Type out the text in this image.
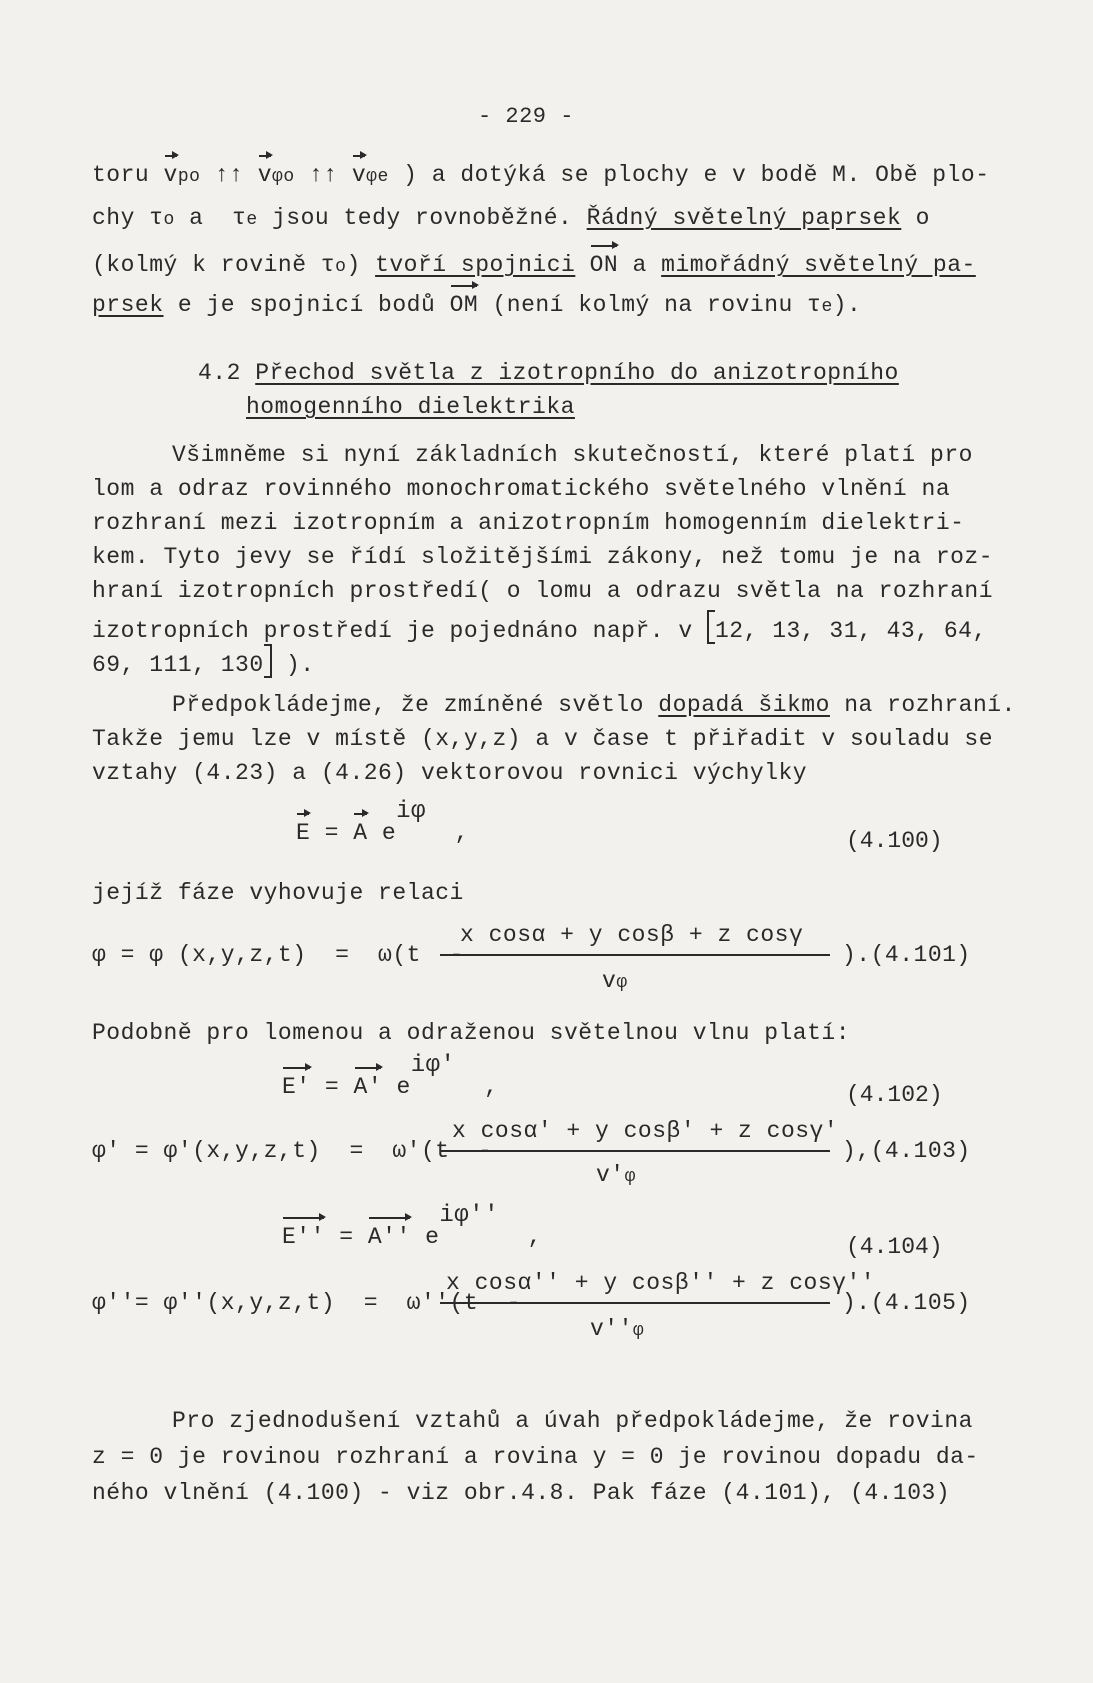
- 229 -
toru vpo ↑↑ vφo ↑↑ vφe ) a dotýká se plochy e v bodě M. Obě plo-
chy τo a  τe jsou tedy rovnoběžné. Řádný světelný paprsek o
(kolmý k rovině τo) tvoří spojnici ON a mimořádný světelný pa-
prsek e je spojnicí bodů OM (není kolmý na rovinu τe).
4.2 Přechod světla z izotropního do anizotropního
homogenního dielektrika
Všimněme si nyní základních skutečností, které platí pro
lom a odraz rovinného monochromatického světelného vlnění na
rozhraní mezi izotropním a anizotropním homogenním dielektri-
kem. Tyto jevy se řídí složitějšími zákony, než tomu je na roz-
hraní izotropních prostředí( o lomu a odrazu světla na rozhraní
izotropních prostředí je pojednáno např. v 12, 13, 31, 43, 64,
69, 111, 130 ).
Předpokládejme, že zmíněné světlo dopadá šikmo na rozhraní.
Takže jemu lze v místě (x,y,z) a v čase t přiřadit v souladu se
vztahy (4.23) a (4.26) vektorovou rovnici výchylky
E = A eiφ  ,	(4.100)
jejíž fáze vyhovuje relaci
x cosα + y cosβ + z cosγ
φ = φ (x,y,z,t)  =  ω(t  -	).(4.101)
vφ
Podobně pro lomenou a odraženou světelnou vlnu platí:
E' = A' eiφ'  ,	(4.102)
x cosα' + y cosβ' + z cosγ'
φ' = φ'(x,y,z,t)  =  ω'(t  -	),(4.103)
v'φ
E'' = A'' eiφ''  ,	(4.104)
x cosα'' + y cosβ'' + z cosγ''
φ''= φ''(x,y,z,t)  =  ω''(t  -	).(4.105)
v''φ
Pro zjednodušení vztahů a úvah předpokládejme, že rovina
z = 0 je rovinou rozhraní a rovina y = 0 je rovinou dopadu da-
ného vlnění (4.100) - viz obr.4.8. Pak fáze (4.101), (4.103)
